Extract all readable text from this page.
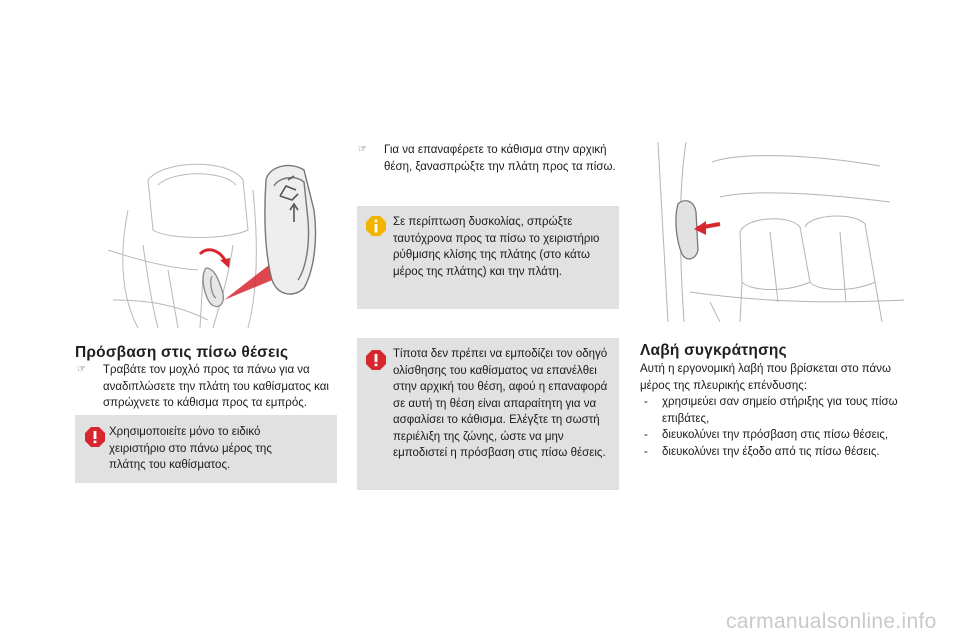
Πρόσβαση στις πίσω θέσεις
☞	Τραβάτε τον μοχλό προς τα πάνω για να αναδιπλώσετε την πλάτη του καθίσματος και σπρώχνετε το κάθισμα προς τα εμπρός.
Χρησιμοποιείτε μόνο το ειδικό χειριστήριο στο πάνω μέρος της πλάτης του καθίσματος.
☞	Για να επαναφέρετε το κάθισμα στην αρχική θέση, ξανασπρώξτε την πλάτη προς τα πίσω.
Σε περίπτωση δυσκολίας, σπρώξτε ταυτόχρονα προς τα πίσω το χειριστήριο ρύθμισης κλίσης της πλάτης (στο κάτω μέρος της πλάτης) και την πλάτη.
Τίποτα δεν πρέπει να εμποδίζει τον οδηγό ολίσθησης του καθίσματος να επανέλθει στην αρχική του θέση, αφού η επαναφορά σε αυτή τη θέση είναι απαραίτητη για να ασφαλίσει το κάθισμα. Ελέγξτε τη σωστή περιέλιξη της ζώνης, ώστε να μην εμποδιστεί η πρόσβαση στις πίσω θέσεις.
Λαβή συγκράτησης
Αυτή η εργονομική λαβή που βρίσκεται στο πάνω μέρος της πλευρικής επένδυσης:
- χρησιμεύει σαν σημείο στήριξης για τους πίσω επιβάτες,
- διευκολύνει την πρόσβαση στις πίσω θέσεις,
- διευκολύνει την έξοδο από τις πίσω θέσεις.
carmanualsonline.info
